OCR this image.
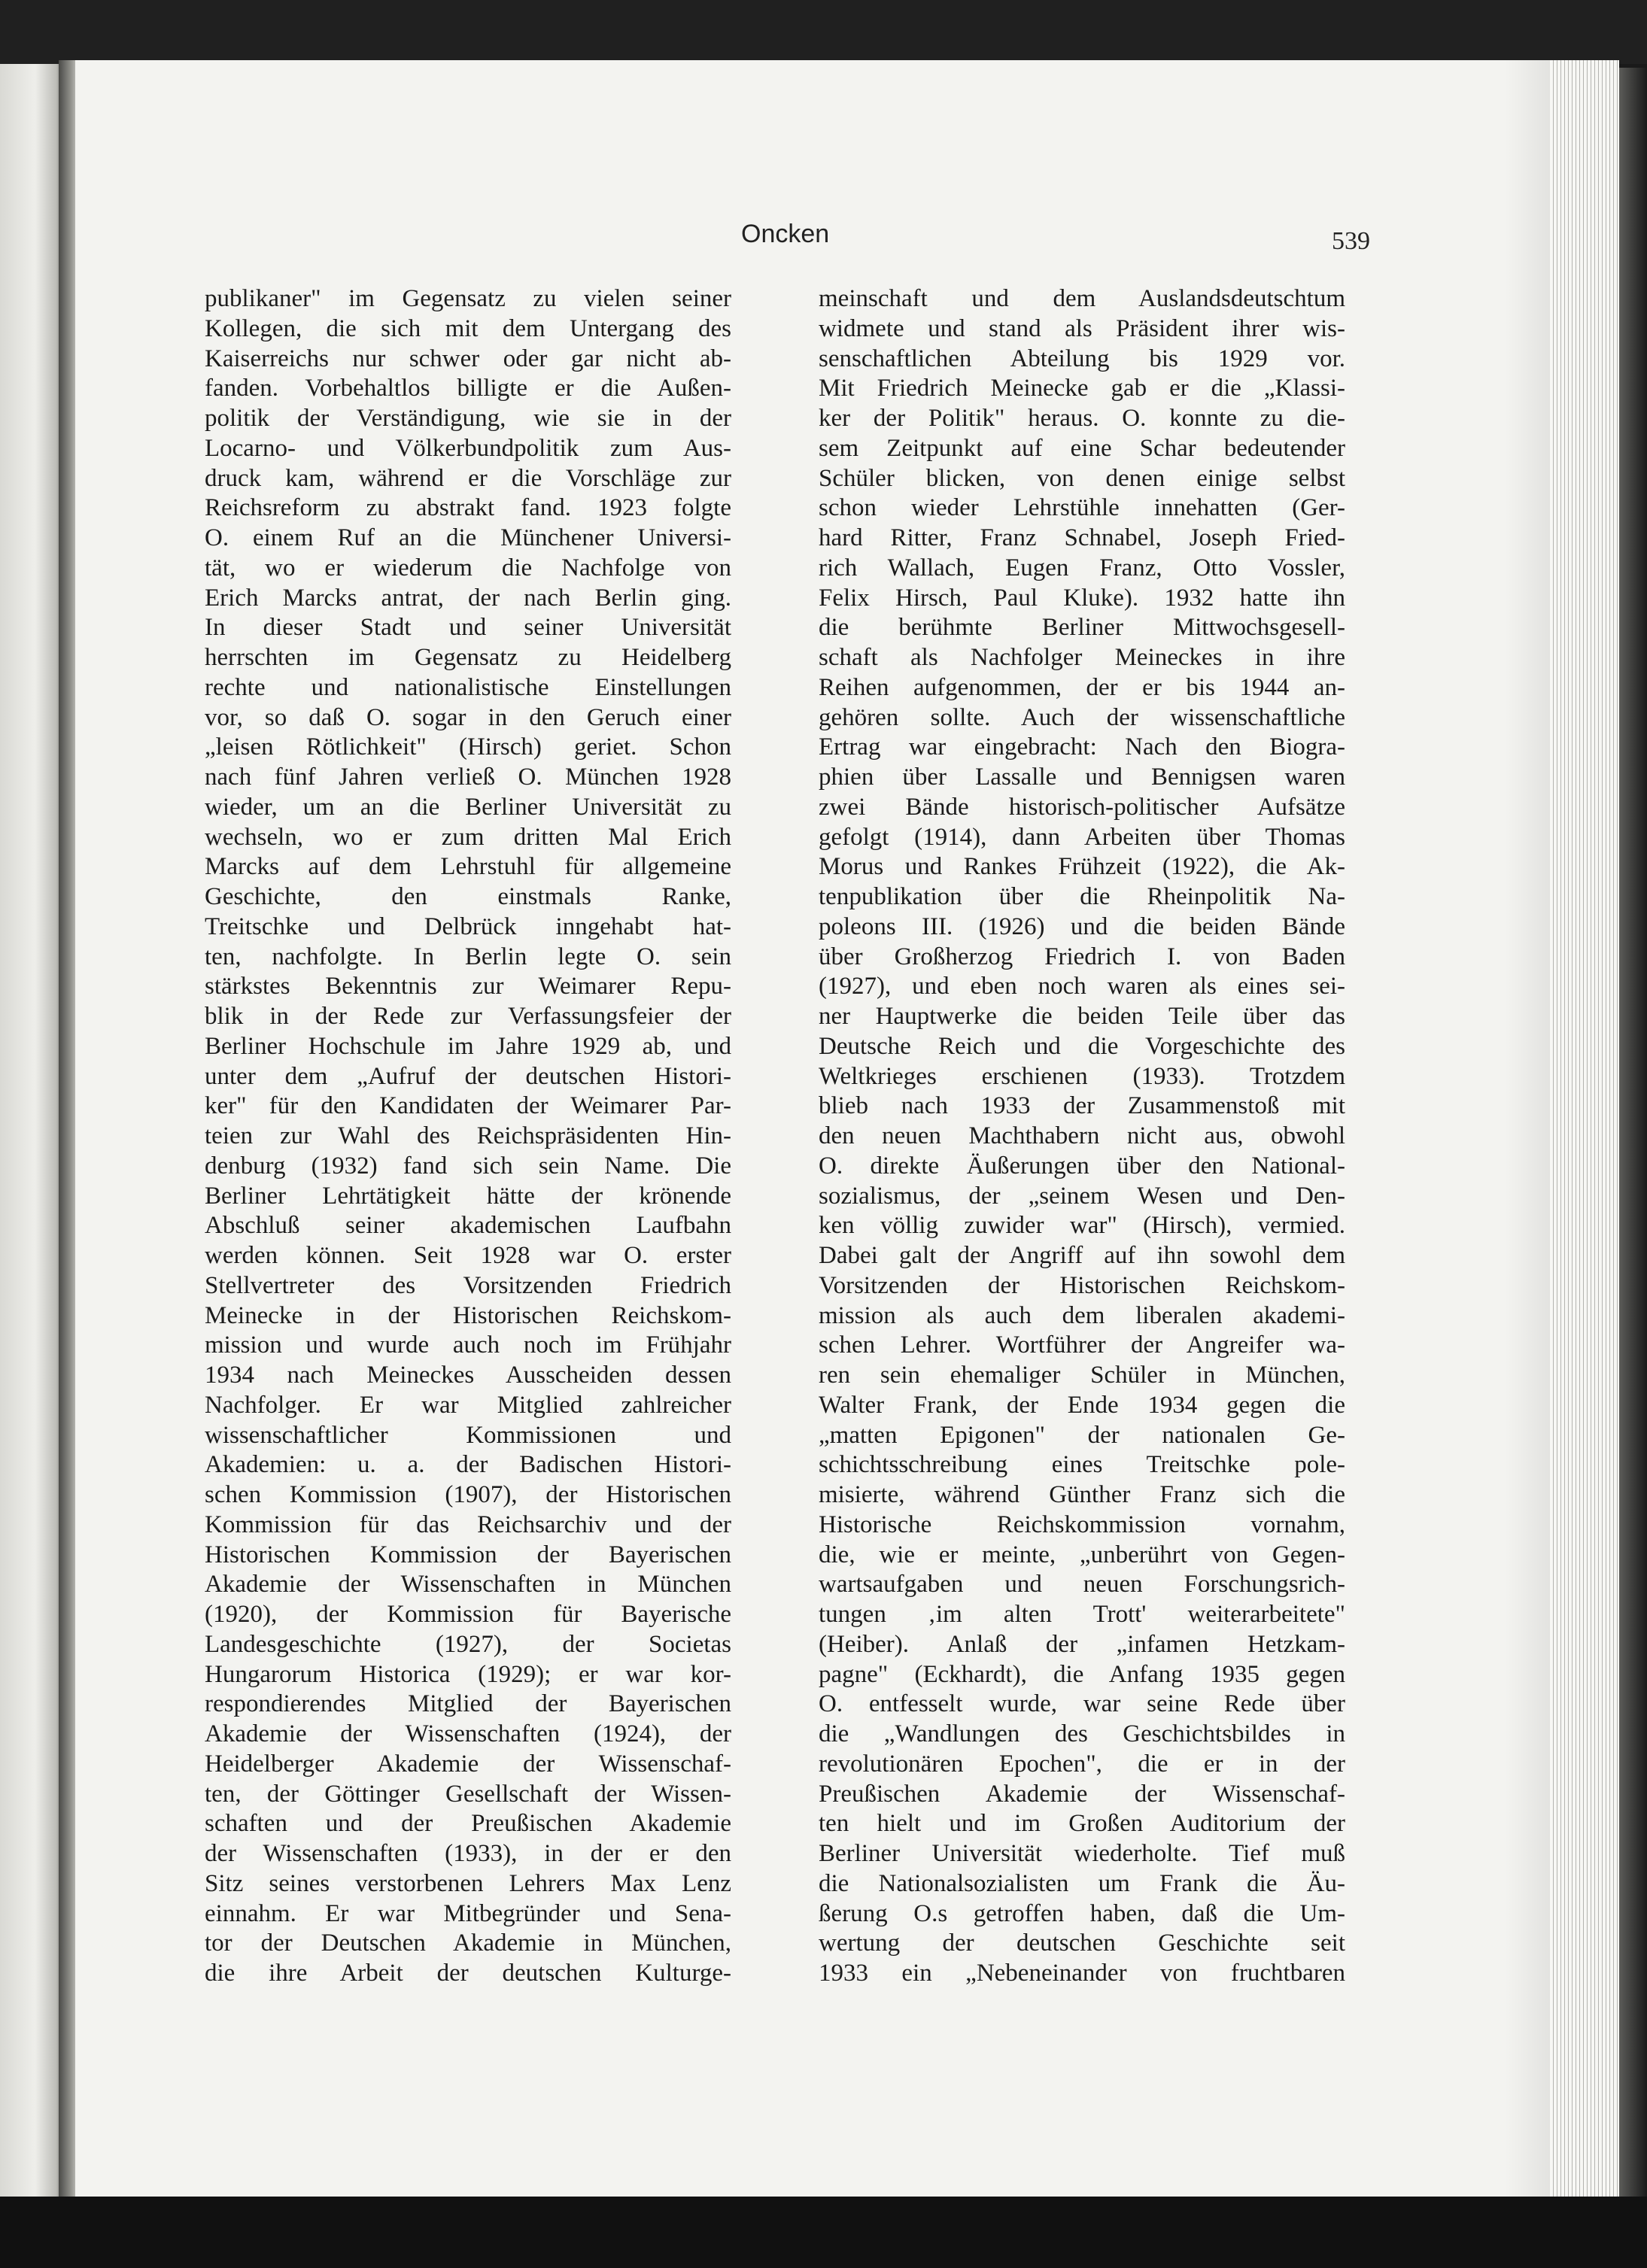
Oncken	539
publikaner" im Gegensatz zu vielen seiner
Kollegen, die sich mit dem Untergang des
Kaiserreichs nur schwer oder gar nicht ab-
fanden. Vorbehaltlos billigte er die Außen-
politik der Verständigung, wie sie in der
Locarno- und Völkerbundpolitik zum Aus-
druck kam, während er die Vorschläge zur
Reichsreform zu abstrakt fand. 1923 folgte
O. einem Ruf an die Münchener Universi-
tät, wo er wiederum die Nachfolge von
Erich Marcks antrat, der nach Berlin ging.
In dieser Stadt und seiner Universität
herrschten im Gegensatz zu Heidelberg
rechte und nationalistische Einstellungen
vor, so daß O. sogar in den Geruch einer
„leisen Rötlichkeit" (Hirsch) geriet. Schon
nach fünf Jahren verließ O. München 1928
wieder, um an die Berliner Universität zu
wechseln, wo er zum dritten Mal Erich
Marcks auf dem Lehrstuhl für allgemeine
Geschichte, den einstmals Ranke,
Treitschke und Delbrück inngehabt hat-
ten, nachfolgte. In Berlin legte O. sein
stärkstes Bekenntnis zur Weimarer Repu-
blik in der Rede zur Verfassungsfeier der
Berliner Hochschule im Jahre 1929 ab, und
unter dem „Aufruf der deutschen Histori-
ker" für den Kandidaten der Weimarer Par-
teien zur Wahl des Reichspräsidenten Hin-
denburg (1932) fand sich sein Name. Die
Berliner Lehrtätigkeit hätte der krönende
Abschluß seiner akademischen Laufbahn
werden können. Seit 1928 war O. erster
Stellvertreter des Vorsitzenden Friedrich
Meinecke in der Historischen Reichskom-
mission und wurde auch noch im Frühjahr
1934 nach Meineckes Ausscheiden dessen
Nachfolger. Er war Mitglied zahlreicher
wissenschaftlicher Kommissionen und
Akademien: u. a. der Badischen Histori-
schen Kommission (1907), der Historischen
Kommission für das Reichsarchiv und der
Historischen Kommission der Bayerischen
Akademie der Wissenschaften in München
(1920), der Kommission für Bayerische
Landesgeschichte (1927), der Societas
Hungarorum Historica (1929); er war kor-
respondierendes Mitglied der Bayerischen
Akademie der Wissenschaften (1924), der
Heidelberger Akademie der Wissenschaf-
ten, der Göttinger Gesellschaft der Wissen-
schaften und der Preußischen Akademie
der Wissenschaften (1933), in der er den
Sitz seines verstorbenen Lehrers Max Lenz
einnahm. Er war Mitbegründer und Sena-
tor der Deutschen Akademie in München,
die ihre Arbeit der deutschen Kulturge-
meinschaft und dem Auslandsdeutschtum
widmete und stand als Präsident ihrer wis-
senschaftlichen Abteilung bis 1929 vor.
Mit Friedrich Meinecke gab er die „Klassi-
ker der Politik" heraus. O. konnte zu die-
sem Zeitpunkt auf eine Schar bedeutender
Schüler blicken, von denen einige selbst
schon wieder Lehrstühle innehatten (Ger-
hard Ritter, Franz Schnabel, Joseph Fried-
rich Wallach, Eugen Franz, Otto Vossler,
Felix Hirsch, Paul Kluke). 1932 hatte ihn
die berühmte Berliner Mittwochsgesell-
schaft als Nachfolger Meineckes in ihre
Reihen aufgenommen, der er bis 1944 an-
gehören sollte. Auch der wissenschaftliche
Ertrag war eingebracht: Nach den Biogra-
phien über Lassalle und Bennigsen waren
zwei Bände historisch-politischer Aufsätze
gefolgt (1914), dann Arbeiten über Thomas
Morus und Rankes Frühzeit (1922), die Ak-
tenpublikation über die Rheinpolitik Na-
poleons III. (1926) und die beiden Bände
über Großherzog Friedrich I. von Baden
(1927), und eben noch waren als eines sei-
ner Hauptwerke die beiden Teile über das
Deutsche Reich und die Vorgeschichte des
Weltkrieges erschienen (1933). Trotzdem
blieb nach 1933 der Zusammenstoß mit
den neuen Machthabern nicht aus, obwohl
O. direkte Äußerungen über den National-
sozialismus, der „seinem Wesen und Den-
ken völlig zuwider war" (Hirsch), vermied.
Dabei galt der Angriff auf ihn sowohl dem
Vorsitzenden der Historischen Reichskom-
mission als auch dem liberalen akademi-
schen Lehrer. Wortführer der Angreifer wa-
ren sein ehemaliger Schüler in München,
Walter Frank, der Ende 1934 gegen die
„matten Epigonen" der nationalen Ge-
schichtsschreibung eines Treitschke pole-
misierte, während Günther Franz sich die
Historische Reichskommission vornahm,
die, wie er meinte, „unberührt von Gegen-
wartsaufgaben und neuen Forschungsrich-
tungen ‚im alten Trott' weiterarbeitete"
(Heiber). Anlaß der „infamen Hetzkam-
pagne" (Eckhardt), die Anfang 1935 gegen
O. entfesselt wurde, war seine Rede über
die „Wandlungen des Geschichtsbildes in
revolutionären Epochen", die er in der
Preußischen Akademie der Wissenschaf-
ten hielt und im Großen Auditorium der
Berliner Universität wiederholte. Tief muß
die Nationalsozialisten um Frank die Äu-
ßerung O.s getroffen haben, daß die Um-
wertung der deutschen Geschichte seit
1933 ein „Nebeneinander von fruchtbaren
